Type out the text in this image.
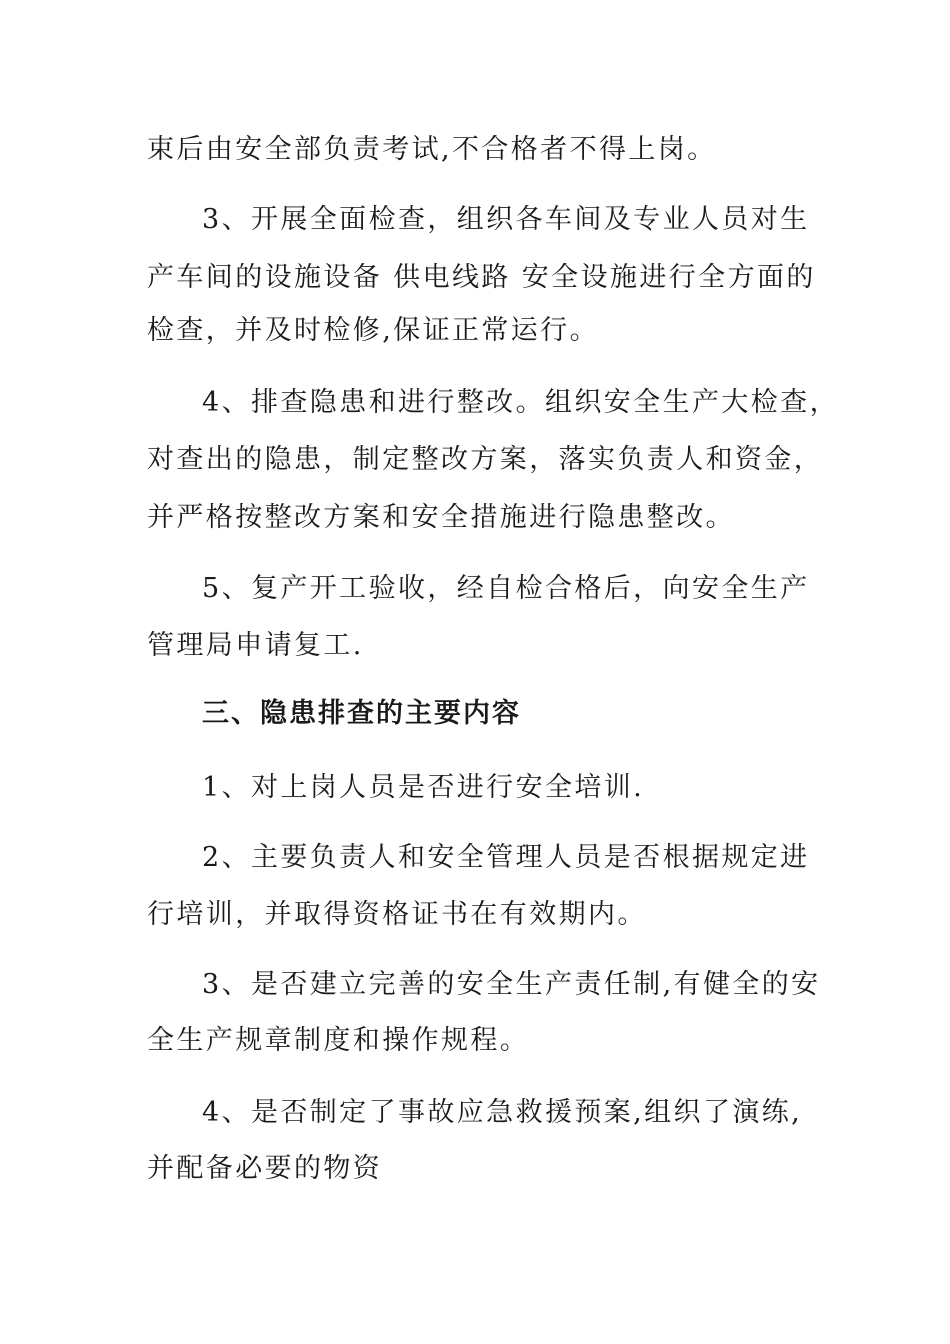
束后由安全部负责考试,不合格者不得上岗。
3、开展全面检查，组织各车间及专业人员对生
产车间的设施设备 供电线路 安全设施进行全方面的
检查，并及时检修,保证正常运行。
4、排查隐患和进行整改。组织安全生产大检查，
对查出的隐患，制定整改方案，落实负责人和资金，
并严格按整改方案和安全措施进行隐患整改。
5、复产开工验收，经自检合格后，向安全生产
管理局申请复工.
三、隐患排查的主要内容
1、对上岗人员是否进行安全培训.
2、主要负责人和安全管理人员是否根据规定进
行培训，并取得资格证书在有效期内。
3、是否建立完善的安全生产责任制,有健全的安
全生产规章制度和操作规程。
4、是否制定了事故应急救援预案,组织了演练,
并配备必要的物资
